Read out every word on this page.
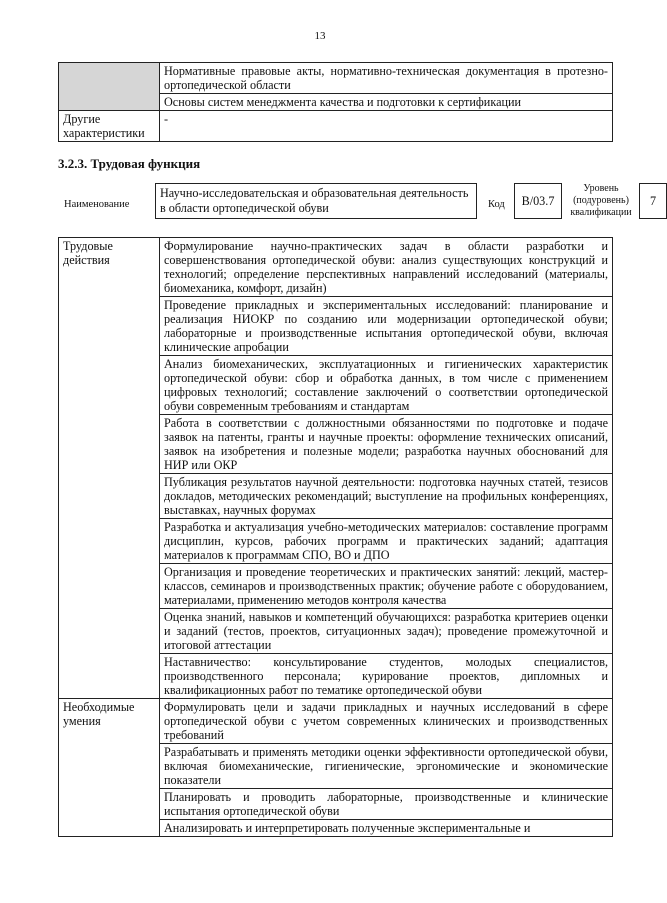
13
	Нормативные правовые акты, нормативно-техническая документация в протезно-ортопедической области
	Основы систем менеджмента качества и подготовки к сертификации
Другие характеристики	-
3.2.3. Трудовая функция
Наименование
Научно-исследовательская и образовательная деятельность в области ортопедической обуви	Код	B/03.7
Уровень (подуровень) квалификации
7
Трудовые действия	Формулирование научно-практических задач в области разработки и совершенствования ортопедической обуви: анализ существующих конструкций и технологий; определение перспективных направлений исследований (материалы, биомеханика, комфорт, дизайн)
	Проведение прикладных и экспериментальных исследований: планирование и реализация НИОКР по созданию или модернизации ортопедической обуви; лабораторные и производственные испытания ортопедической обуви, включая клинические апробации
	Анализ биомеханических, эксплуатационных и гигиенических характеристик ортопедической обуви: сбор и обработка данных, в том числе с применением цифровых технологий; составление заключений о соответствии ортопедической обуви современным требованиям и стандартам
	Работа в соответствии с должностными обязанностями по подготовке и подаче заявок на патенты, гранты и научные проекты: оформление технических описаний, заявок на изобретения и полезные модели; разработка научных обоснований для НИР или ОКР
	Публикация результатов научной деятельности: подготовка научных статей, тезисов докладов, методических рекомендаций; выступление на профильных конференциях, выставках, научных форумах
	Разработка и актуализация учебно-методических материалов: составление программ дисциплин, курсов, рабочих программ и практических заданий; адаптация материалов к программам СПО, ВО и ДПО
	Организация и проведение теоретических и практических занятий: лекций, мастер-классов, семинаров и производственных практик; обучение работе с оборудованием, материалами, применению методов контроля качества
	Оценка знаний, навыков и компетенций обучающихся: разработка критериев оценки и заданий (тестов, проектов, ситуационных задач); проведение промежуточной и итоговой аттестации
	Наставничество: консультирование студентов, молодых специалистов, производственного персонала; курирование проектов, дипломных и квалификационных работ по тематике ортопедической обуви
Необходимые умения	Формулировать цели и задачи прикладных и научных исследований в сфере ортопедической обуви с учетом современных клинических и производственных требований
	Разрабатывать и применять методики оценки эффективности ортопедической обуви, включая биомеханические, гигиенические, эргономические и экономические показатели
	Планировать и проводить лабораторные, производственные и клинические испытания ортопедической обуви
	Анализировать и интерпретировать полученные экспериментальные и
